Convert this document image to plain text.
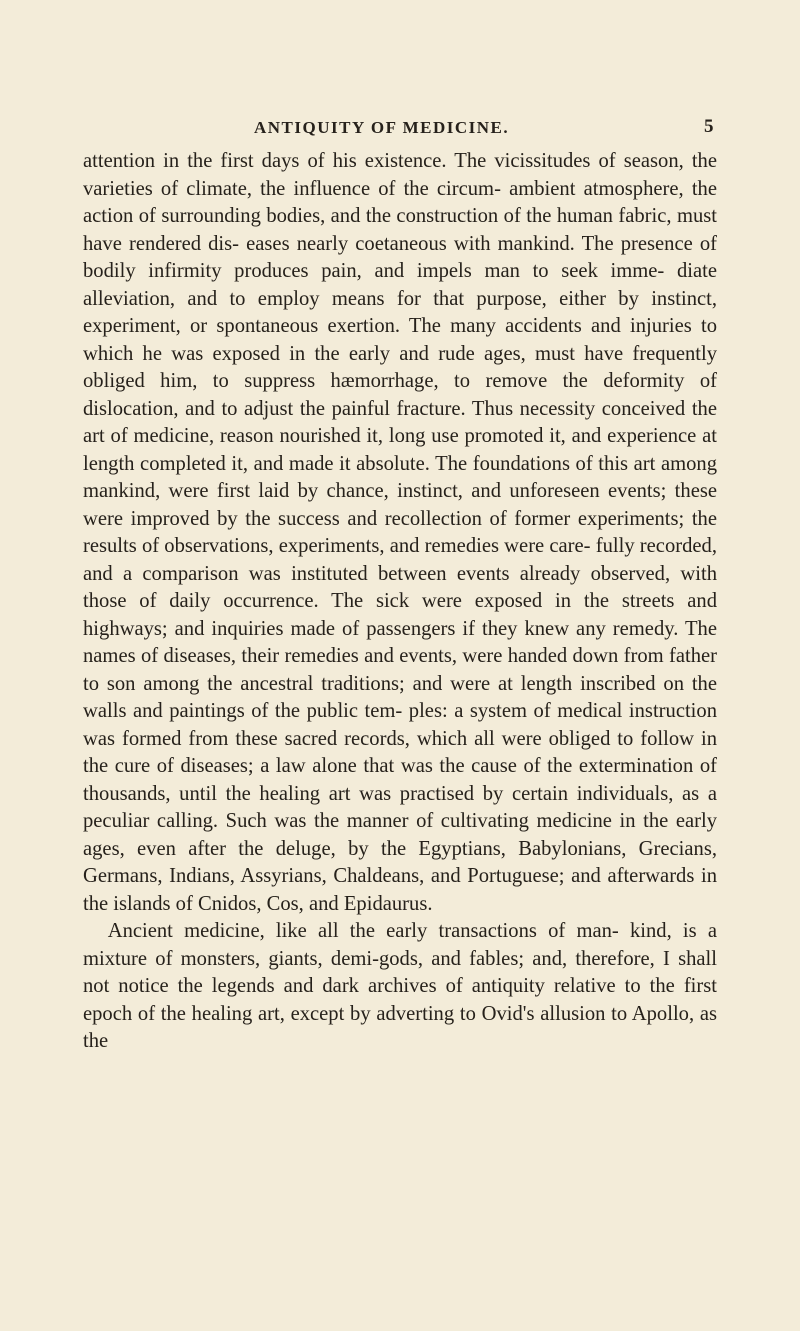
ANTIQUITY OF MEDICINE.	5

attention in the first days of his existence. The vicissitudes of season, the varieties of climate, the influence of the circum- ambient atmosphere, the action of surrounding bodies, and the construction of the human fabric, must have rendered dis- eases nearly coetaneous with mankind. The presence of bodily infirmity produces pain, and impels man to seek imme- diate alleviation, and to employ means for that purpose, either by instinct, experiment, or spontaneous exertion. The many accidents and injuries to which he was exposed in the early and rude ages, must have frequently obliged him, to suppress hæmorrhage, to remove the deformity of dislocation, and to adjust the painful fracture. Thus necessity conceived the art of medicine, reason nourished it, long use promoted it, and experience at length completed it, and made it absolute. The foundations of this art among mankind, were first laid by chance, instinct, and unforeseen events; these were improved by the success and recollection of former experiments; the results of observations, experiments, and remedies were care- fully recorded, and a comparison was instituted between events already observed, with those of daily occurrence. The sick were exposed in the streets and highways; and inquiries made of passengers if they knew any remedy. The names of diseases, their remedies and events, were handed down from father to son among the ancestral traditions; and were at length inscribed on the walls and paintings of the public tem- ples: a system of medical instruction was formed from these sacred records, which all were obliged to follow in the cure of diseases; a law alone that was the cause of the extermination of thousands, until the healing art was practised by certain individuals, as a peculiar calling. Such was the manner of cultivating medicine in the early ages, even after the deluge, by the Egyptians, Babylonians, Grecians, Germans, Indians, Assyrians, Chaldeans, and Portuguese; and afterwards in the islands of Cnidos, Cos, and Epidaurus.

Ancient medicine, like all the early transactions of man- kind, is a mixture of monsters, giants, demi-gods, and fables; and, therefore, I shall not notice the legends and dark archives of antiquity relative to the first epoch of the healing art, except by adverting to Ovid's allusion to Apollo, as the
